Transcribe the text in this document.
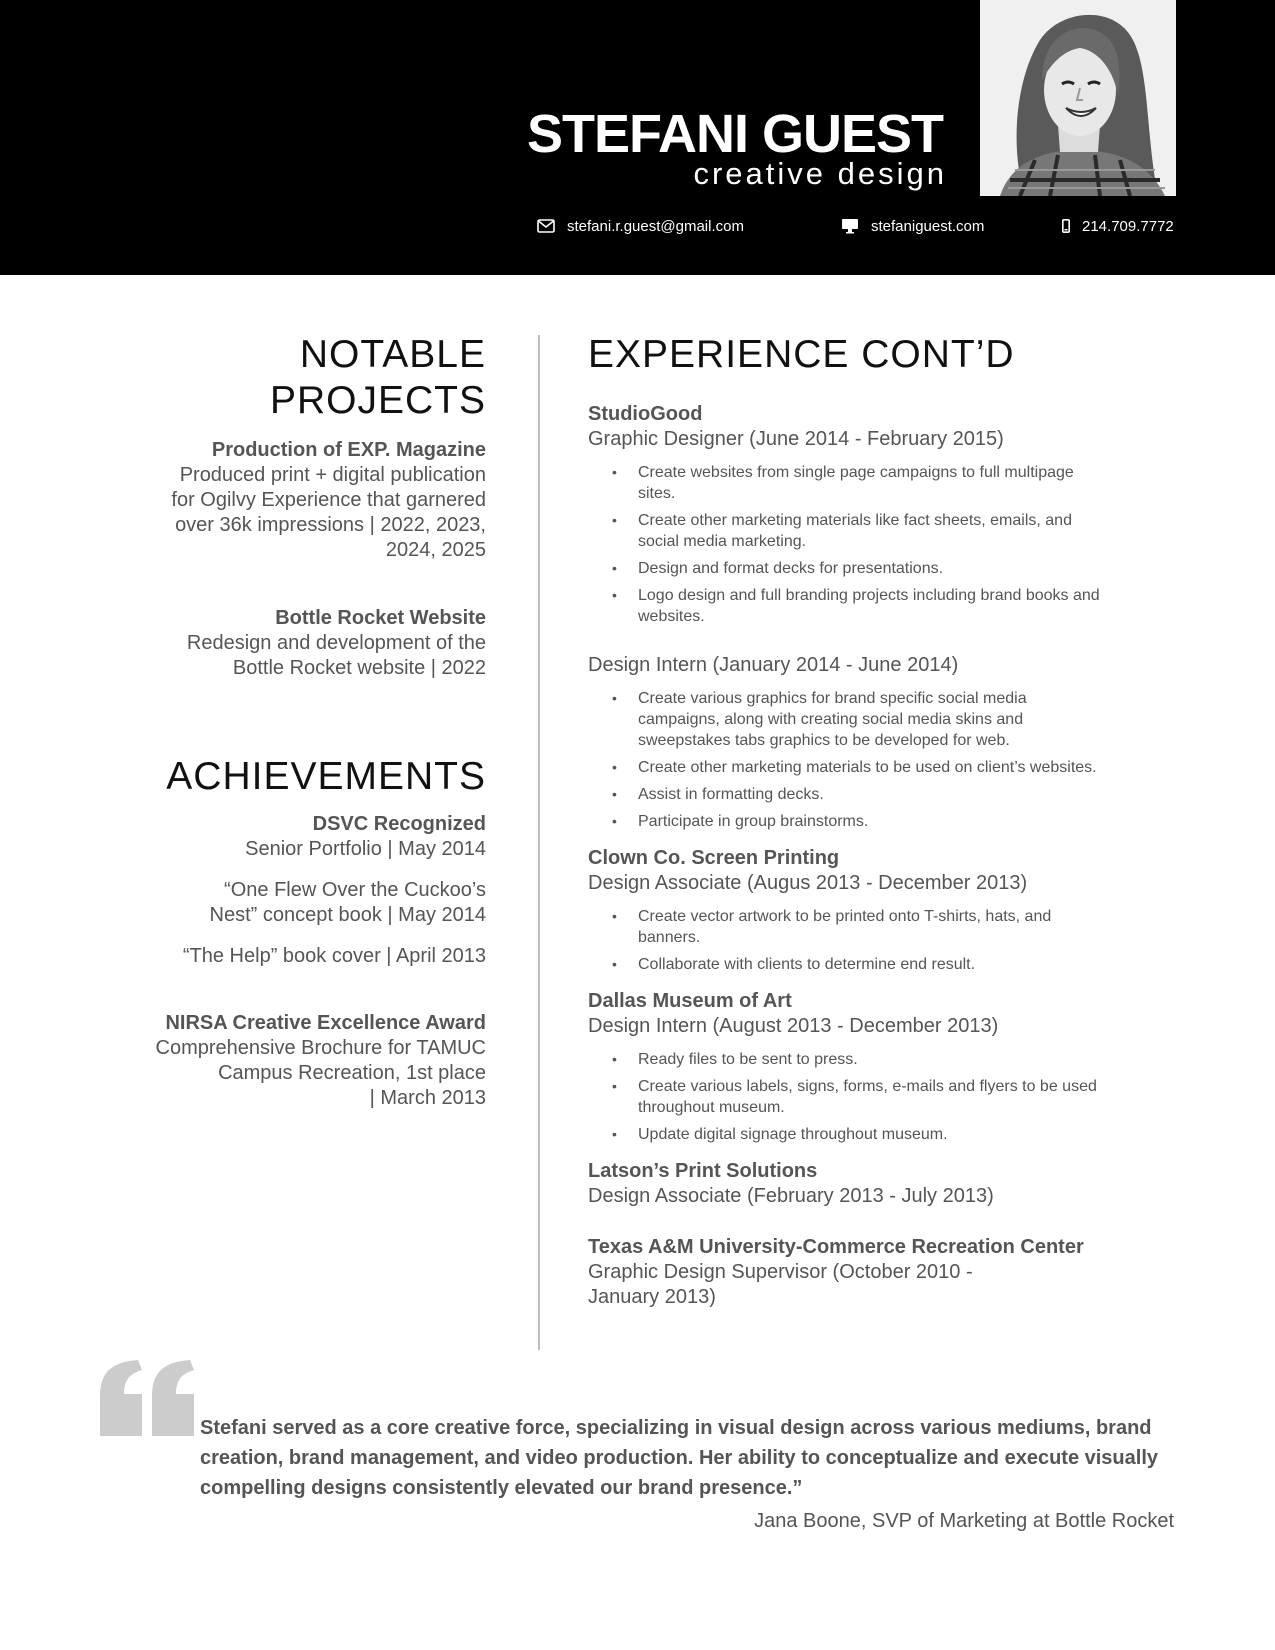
STEFANI GUEST
creative design
stefani.r.guest@gmail.com	stefaniguest.com	214.709.7772
NOTABLE
PROJECTS
Production of EXP. Magazine
Produced print + digital publication
for Ogilvy Experience that garnered
over 36k impressions | 2022, 2023,
2024, 2025
Bottle Rocket Website
Redesign and development of the
Bottle Rocket website | 2022
ACHIEVEMENTS
DSVC Recognized
Senior Portfolio | May 2014
“One Flew Over the Cuckoo’s
Nest” concept book | May 2014
“The Help” book cover | April 2013
NIRSA Creative Excellence Award
Comprehensive Brochure for TAMUC
Campus Recreation, 1st place
| March 2013
EXPERIENCE CONT’D
StudioGood
Graphic Designer (June 2014 - February 2015)
• Create websites from single page campaigns to full multipage sites.
• Create other marketing materials like fact sheets, emails, and social media marketing.
• Design and format decks for presentations.
• Logo design and full branding projects including brand books and websites.
Design Intern (January 2014 - June 2014)
• Create various graphics for brand specific social media campaigns, along with creating social media skins and sweepstakes tabs graphics to be developed for web.
• Create other marketing materials to be used on client’s websites.
• Assist in formatting decks.
• Participate in group brainstorms.
Clown Co. Screen Printing
Design Associate (Augus 2013 - December 2013)
• Create vector artwork to be printed onto T-shirts, hats, and banners.
• Collaborate with clients to determine end result.
Dallas Museum of Art
Design Intern (August 2013 - December 2013)
• Ready files to be sent to press.
• Create various labels, signs, forms, e-mails and flyers to be used throughout museum.
• Update digital signage throughout museum.
Latson’s Print Solutions
Design Associate (February 2013 - July 2013)
Texas A&M University-Commerce Recreation Center
Graphic Design Supervisor (October 2010 -
January 2013)
Stefani served as a core creative force, specializing in visual design across various mediums, brand creation, brand management, and video production. Her ability to conceptualize and execute visually compelling designs consistently elevated our brand presence.”
Jana Boone, SVP of Marketing at Bottle Rocket
